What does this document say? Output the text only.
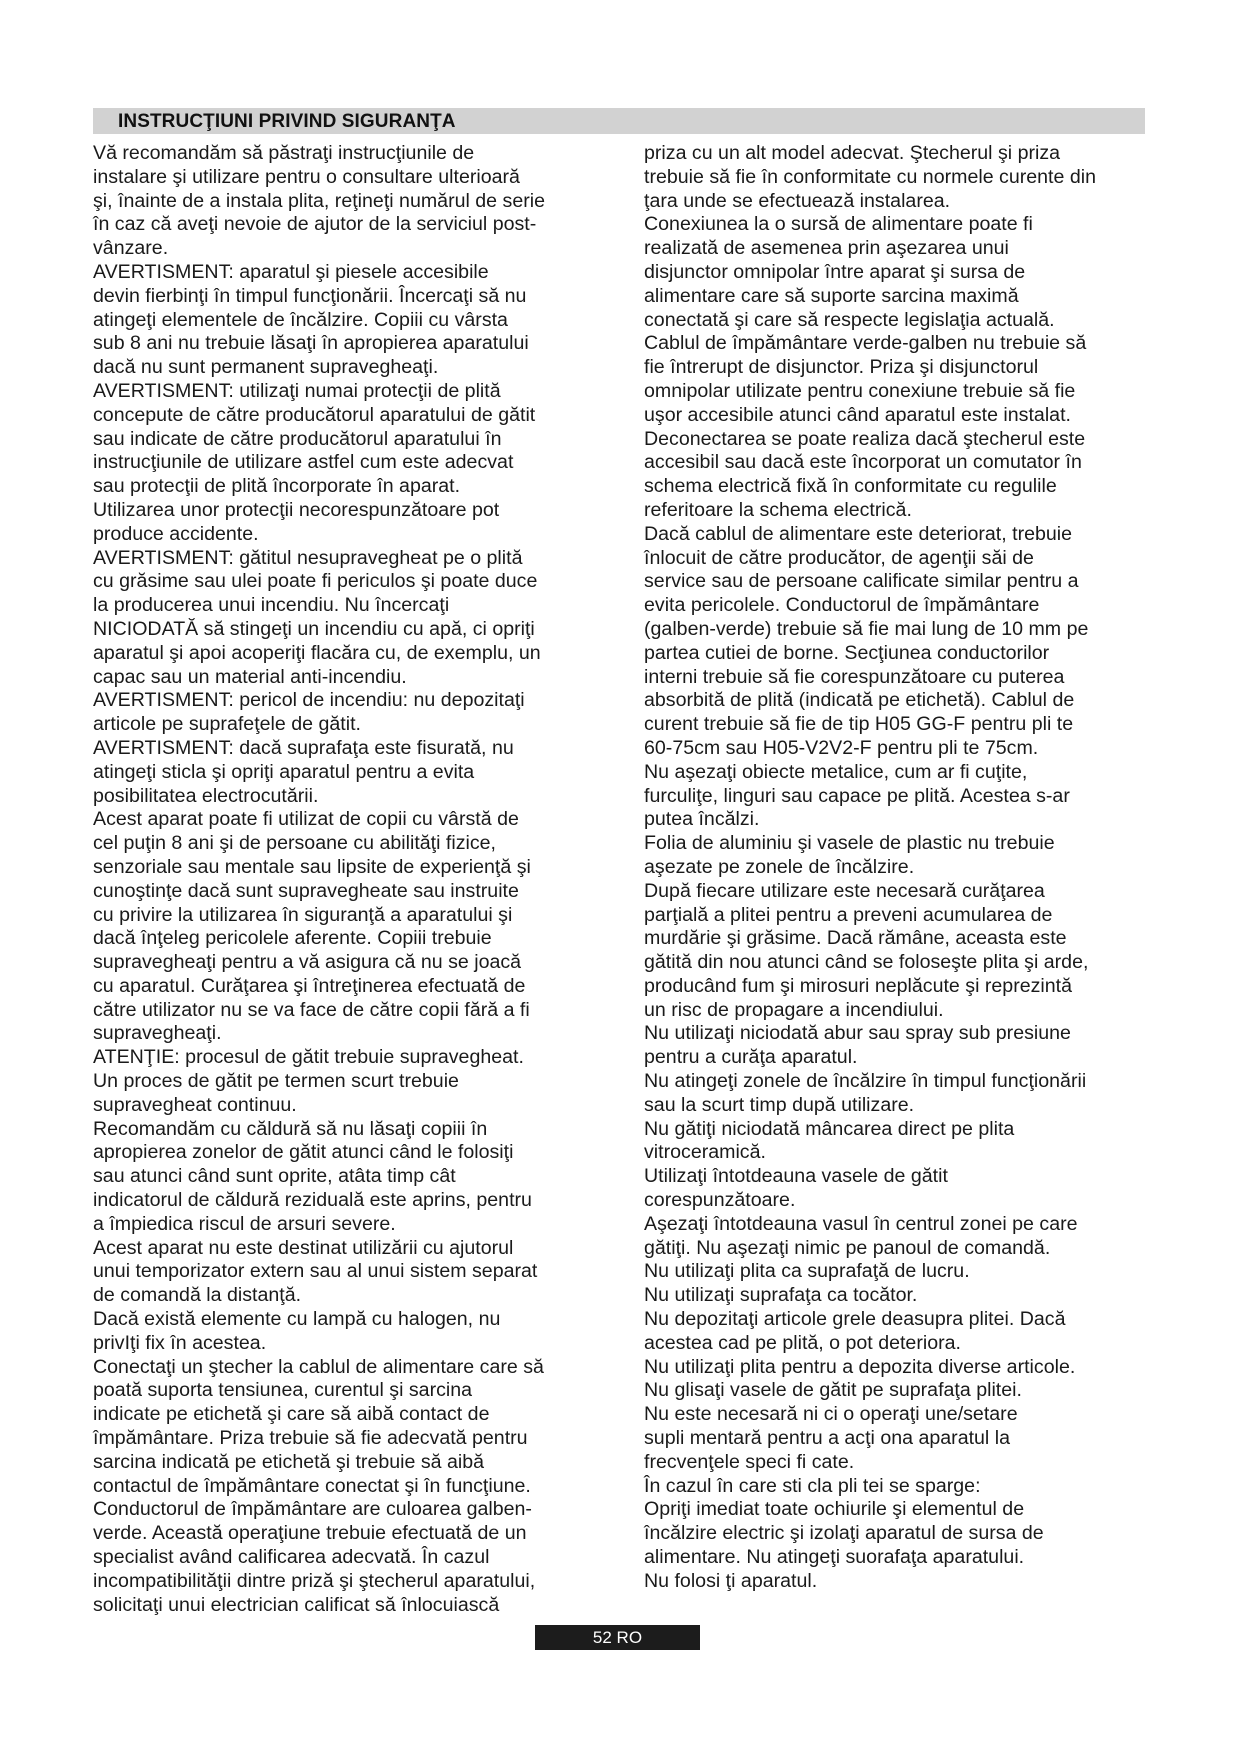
INSTRUCŢIUNI PRIVIND SIGURANŢA

Vă recomandăm să păstraţi instrucţiunile de
instalare şi utilizare pentru o consultare ulterioară
şi, înainte de a instala plita, reţineţi numărul de serie
în caz că aveţi nevoie de ajutor de la serviciul post-
vânzare.

AVERTISMENT: aparatul şi piesele accesibile
devin fierbinţi în timpul funcţionării. Încercaţi să nu
atingeţi elementele de încălzire. Copiii cu vârsta
sub 8 ani nu trebuie lăsaţi în apropierea aparatului
dacă nu sunt permanent supravegheaţi.

AVERTISMENT: utilizaţi numai protecţii de plită
concepute de către producătorul aparatului de gătit
sau indicate de către producătorul aparatului în
instrucţiunile de utilizare astfel cum este adecvat
sau protecţii de plită încorporate în aparat.
Utilizarea unor protecţii necorespunzătoare pot
produce accidente.

AVERTISMENT: gătitul nesupravegheat pe o plită
cu grăsime sau ulei poate fi periculos şi poate duce
la producerea unui incendiu. Nu încercaţi
NICIODATĂ să stingeţi un incendiu cu apă, ci opriţi
aparatul şi apoi acoperiţi flacăra cu, de exemplu, un
capac sau un material anti-incendiu.

AVERTISMENT: pericol de incendiu: nu depozitaţi
articole pe suprafeţele de gătit.

AVERTISMENT: dacă suprafaţa este fisurată, nu
atingeţi sticla şi opriţi aparatul pentru a evita
posibilitatea electrocutării.

Acest aparat poate fi utilizat de copii cu vârstă de
cel puţin 8 ani şi de persoane cu abilităţi fizice,
senzoriale sau mentale sau lipsite de experienţă şi
cunoştinţe dacă sunt supravegheate sau instruite
cu privire la utilizarea în siguranţă a aparatului şi
dacă înţeleg pericolele aferente. Copiii trebuie
supravegheaţi pentru a vă asigura că nu se joacă
cu aparatul. Curăţarea şi întreţinerea efectuată de
către utilizator nu se va face de către copii fără a fi
supravegheaţi.

ATENŢIE: procesul de gătit trebuie supravegheat.
Un proces de gătit pe termen scurt trebuie
supravegheat continuu.

Recomandăm cu căldură să nu lăsaţi copiii în
apropierea zonelor de gătit atunci când le folosiţi
sau atunci când sunt oprite, atâta timp cât
indicatorul de căldură reziduală este aprins, pentru
a împiedica riscul de arsuri severe.

Acest aparat nu este destinat utilizării cu ajutorul
unui temporizator extern sau al unui sistem separat
de comandă la distanţă.

Dacă există elemente cu lampă cu halogen, nu
privIţi fix în acestea.

Conectaţi un ştecher la cablul de alimentare care să
poată suporta tensiunea, curentul şi sarcina
indicate pe etichetă şi care să aibă contact de
împământare. Priza trebuie să fie adecvată pentru
sarcina indicată pe etichetă şi trebuie să aibă
contactul de împământare conectat şi în funcţiune.

Conductorul de împământare are culoarea galben-
verde. Această operaţiune trebuie efectuată de un
specialist având calificarea adecvată. În cazul
incompatibilităţii dintre priză şi ştecherul aparatului,
solicitaţi unui electrician calificat să înlocuiască

priza cu un alt model adecvat. Ştecherul şi priza
trebuie să fie în conformitate cu normele curente din
ţara unde se efectuează instalarea.

Conexiunea la o sursă de alimentare poate fi
realizată de asemenea prin aşezarea unui
disjunctor omnipolar între aparat şi sursa de
alimentare care să suporte sarcina maximă
conectată şi care să respecte legislaţia actuală.

Cablul de împământare verde-galben nu trebuie să
fie întrerupt de disjunctor. Priza şi disjunctorul
omnipolar utilizate pentru conexiune trebuie să fie
uşor accesibile atunci când aparatul este instalat.

Deconectarea se poate realiza dacă ştecherul este
accesibil sau dacă este încorporat un comutator în
schema electrică fixă în conformitate cu regulile
referitoare la schema electrică.

Dacă cablul de alimentare este deteriorat, trebuie
înlocuit de către producător, de agenţii săi de
service sau de persoane calificate similar pentru a
evita pericolele. Conductorul de împământare
(galben-verde) trebuie să fie mai lung de 10 mm pe
partea cutiei de borne. Secţiunea conductorilor
interni trebuie să fie corespunzătoare cu puterea
absorbită de plită (indicată pe etichetă). Cablul de
curent trebuie să fie de tip H05 GG-F pentru pli te
60-75cm sau H05-V2V2-F pentru pli te 75cm.

Nu aşezaţi obiecte metalice, cum ar fi cuţite,
furculiţe, linguri sau capace pe plită. Acestea s-ar
putea încălzi.

Folia de aluminiu şi vasele de plastic nu trebuie
aşezate pe zonele de încălzire.

După fiecare utilizare este necesară curăţarea
parţială a plitei pentru a preveni acumularea de
murdărie şi grăsime. Dacă rămâne, aceasta este
gătită din nou atunci când se foloseşte plita şi arde,
producând fum şi mirosuri neplăcute şi reprezintă
un risc de propagare a incendiului.

Nu utilizaţi niciodată abur sau spray sub presiune
pentru a curăţa aparatul.

Nu atingeţi zonele de încălzire în timpul funcţionării
sau la scurt timp după utilizare.

Nu gătiţi niciodată mâncarea direct pe plita
vitroceramică.

Utilizaţi întotdeauna vasele de gătit
corespunzătoare.

Aşezaţi întotdeauna vasul în centrul zonei pe care
gătiţi. Nu aşezaţi nimic pe panoul de comandă.

Nu utilizaţi plita ca suprafaţă de lucru.

Nu utilizaţi suprafaţa ca tocător.

Nu depozitaţi articole grele deasupra plitei. Dacă
acestea cad pe plită, o pot deteriora.

Nu utilizaţi plita pentru a depozita diverse articole.

Nu glisaţi vasele de gătit pe suprafaţa plitei.

Nu este necesară ni ci o operaţi une/setare
supli mentară pentru a acţi ona aparatul la
frecvenţele speci fi cate.

În cazul în care sti cla pli tei se sparge:

Opriţi imediat toate ochiurile şi elementul de
încălzire electric şi izolaţi aparatul de sursa de
alimentare. Nu atingeţi suorafaţa aparatului.

Nu folosi ţi aparatul.

52 RO
